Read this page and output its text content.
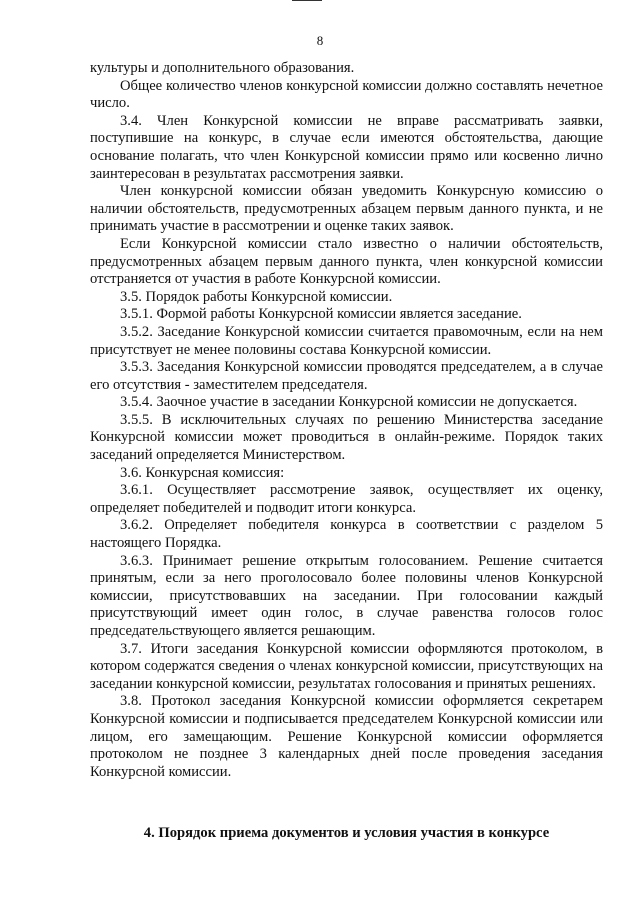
8

культуры и дополнительного образования.

Общее количество членов конкурсной комиссии должно составлять нечетное число.

3.4. Член Конкурсной комиссии не вправе рассматривать заявки, поступившие на конкурс, в случае если имеются обстоятельства, дающие основание полагать, что член Конкурсной комиссии прямо или косвенно лично заинтересован в результатах рассмотрения заявки.

Член конкурсной комиссии обязан уведомить Конкурсную комиссию о наличии обстоятельств, предусмотренных абзацем первым данного пункта, и не принимать участие в рассмотрении и оценке таких заявок.

Если Конкурсной комиссии стало известно о наличии обстоятельств, предусмотренных абзацем первым данного пункта, член конкурсной комиссии отстраняется от участия в работе Конкурсной комиссии.

3.5. Порядок работы Конкурсной комиссии.

3.5.1. Формой работы Конкурсной комиссии является заседание.

3.5.2. Заседание Конкурсной комиссии считается правомочным, если на нем присутствует не менее половины состава Конкурсной комиссии.

3.5.3. Заседания Конкурсной комиссии проводятся председателем, а в случае его отсутствия - заместителем председателя.

3.5.4. Заочное участие в заседании Конкурсной комиссии не допускается.

3.5.5. В исключительных случаях по решению Министерства заседание Конкурсной комиссии может проводиться в онлайн-режиме. Порядок таких заседаний определяется Министерством.

3.6. Конкурсная комиссия:

3.6.1. Осуществляет рассмотрение заявок, осуществляет их оценку, определяет победителей и подводит итоги конкурса.

3.6.2. Определяет победителя конкурса в соответствии с разделом 5 настоящего Порядка.

3.6.3. Принимает решение открытым голосованием. Решение считается принятым, если за него проголосовало более половины членов Конкурсной комиссии, присутствовавших на заседании. При голосовании каждый присутствующий имеет один голос, в случае равенства голосов голос председательствующего является решающим.

3.7. Итоги заседания Конкурсной комиссии оформляются протоколом, в котором содержатся сведения о членах конкурсной комиссии, присутствующих на заседании конкурсной комиссии, результатах голосования и принятых решениях.

3.8. Протокол заседания Конкурсной комиссии оформляется секретарем Конкурсной комиссии и подписывается председателем Конкурсной комиссии или лицом, его замещающим. Решение Конкурсной комиссии оформляется протоколом не позднее 3 календарных дней после проведения заседания Конкурсной комиссии.

4. Порядок приема документов и условия участия в конкурсе
